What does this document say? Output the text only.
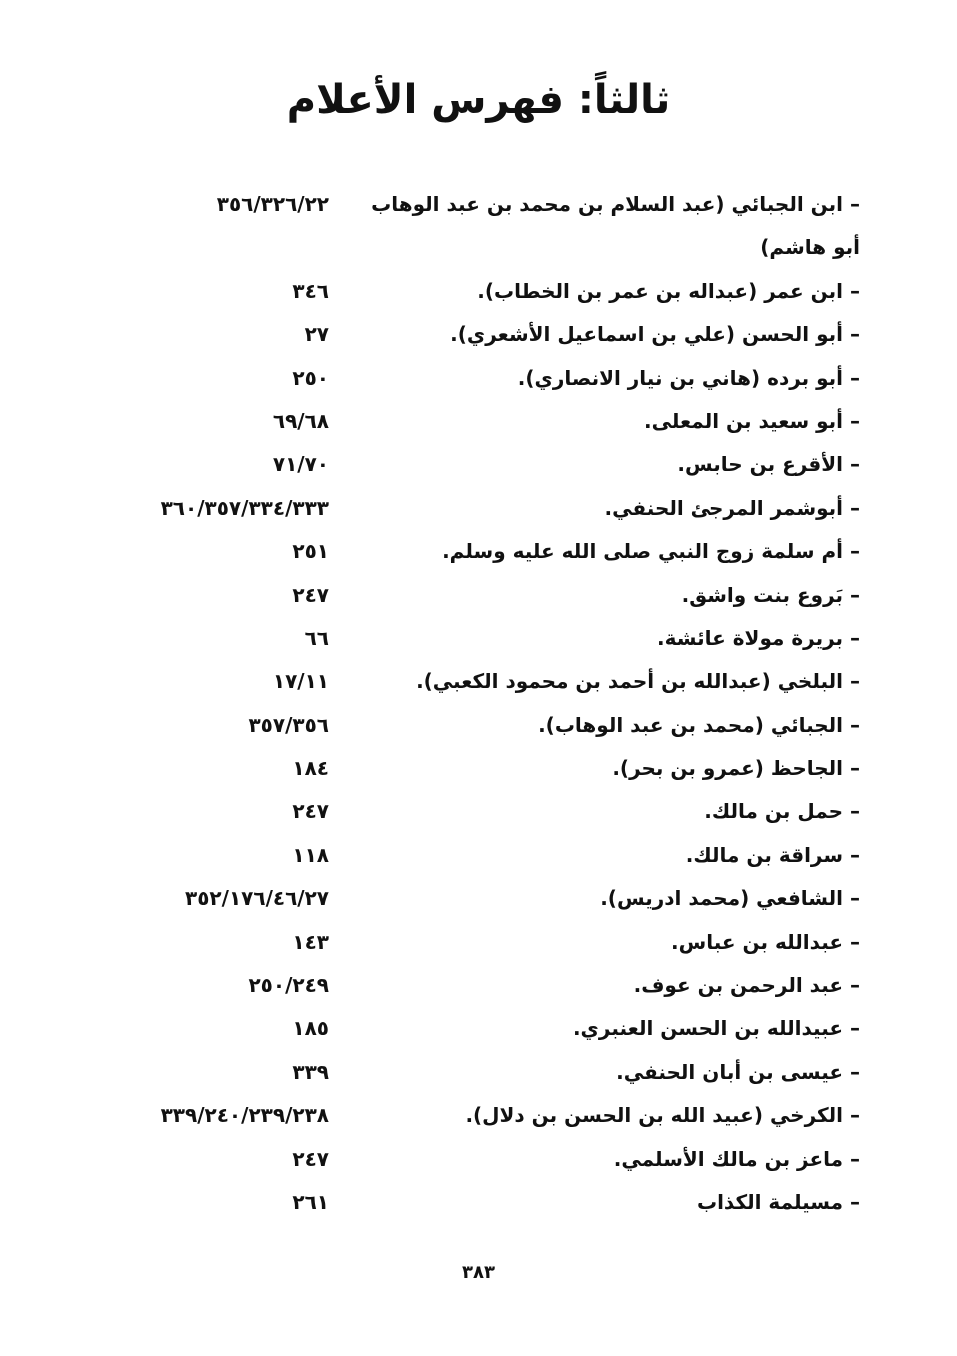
ثالثاً: فهرس الأعلام
– ابن الجبائي (عبد السلام بن محمد بن عبد الوهاب أبو هاشم)
٣٥٦/٣٢٦/٢٢
– ابن عمر (عبداله بن عمر بن الخطاب).
٣٤٦
– أبو الحسن (علي بن اسماعيل الأشعري).
٢٧
– أبو برده (هاني بن نيار الانصاري).
٢٥٠
– أبو سعيد بن المعلى.
٦٩/٦٨
– الأقرع بن حابس.
٧١/٧٠
– أبوشمر المرجئ الحنفي.
٣٦٠/٣٥٧/٣٣٤/٣٣٣
– أم سلمة زوج النبي صلى الله عليه وسلم.
٢٥١
– بَروع بنت واشق.
٢٤٧
– بريرة مولاة عائشة.
٦٦
– البلخي (عبدالله بن أحمد بن محمود الكعبي).
١٧/١١
– الجبائي (محمد بن عبد الوهاب).
٣٥٧/٣٥٦
– الجاحظ (عمرو بن بحر).
١٨٤
– حمل بن مالك.
٢٤٧
– سراقة بن مالك.
١١٨
– الشافعي (محمد ادريس).
٣٥٢/١٧٦/٤٦/٢٧
– عبدالله بن عباس.
١٤٣
– عبد الرحمن بن عوف.
٢٥٠/٢٤٩
– عبيدالله بن الحسن العنبري.
١٨٥
– عيسى بن أبان الحنفي.
٣٣٩
– الكرخي (عبيد الله بن الحسن بن دلال).
٣٣٩/٢٤٠/٢٣٩/٢٣٨
– ماعز بن مالك الأسلمي.
٢٤٧
– مسيلمة الكذاب
٢٦١
٣٨٣
